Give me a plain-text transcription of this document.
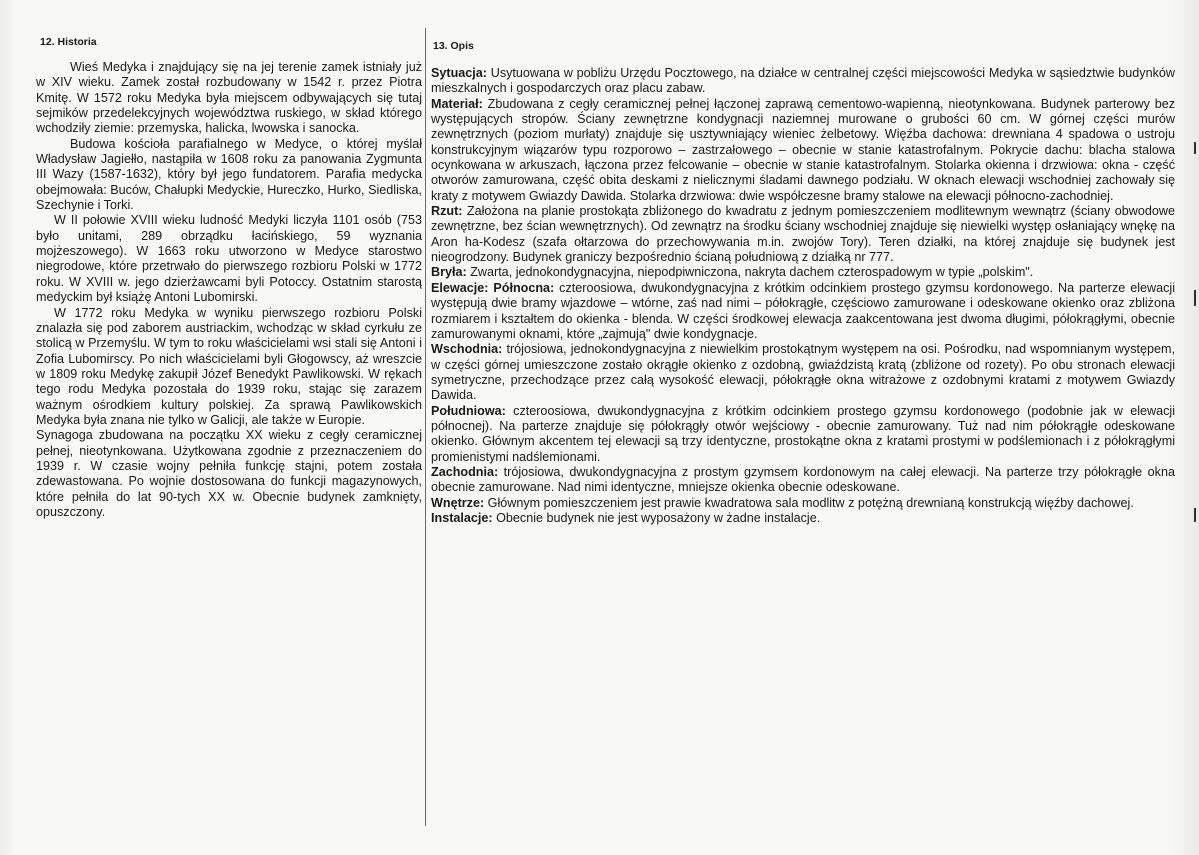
12. Historia

Wieś Medyka i znajdujący się na jej terenie zamek istniały już w XIV wieku. Zamek został rozbudowany w 1542 r. przez Piotra Kmitę. W 1572 roku Medyka była miejscem odbywających się tutaj sejmików przedelekcyjnych województwa ruskiego, w skład którego wchodziły ziemie: przemyska, halicka, lwowska i sanocka.

Budowa kościoła parafialnego w Medyce, o której myślał Władysław Jagiełło, nastąpiła w 1608 roku za panowania Zygmunta III Wazy (1587-1632), który był jego fundatorem. Parafia medycka obejmowała: Buców, Chałupki Medyckie, Hureczko, Hurko, Siedliska, Szechynie i Torki.

W II połowie XVIII wieku ludność Medyki liczyła 1101 osób (753 było unitami, 289 obrządku łacińskiego, 59 wyznania mojżeszowego). W 1663 roku utworzono w Medyce starostwo niegrodowe, które przetrwało do pierwszego rozbioru Polski w 1772 roku. W XVIII w. jego dzierżawcami byli Potoccy. Ostatnim starostą medyckim był książę Antoni Lubomirski.

W 1772 roku Medyka w wyniku pierwszego rozbioru Polski znalazła się pod zaborem austriackim, wchodząc w skład cyrkułu ze stolicą w Przemyślu. W tym to roku właścicielami wsi stali się Antoni i Zofia Lubomirscy. Po nich właścicielami byli Głogowscy, aż wreszcie w 1809 roku Medykę zakupił Józef Benedykt Pawlikowski. W rękach tego rodu Medyka pozostała do 1939 roku, stając się zarazem ważnym ośrodkiem kultury polskiej. Za sprawą Pawlikowskich Medyka była znana nie tylko w Galicji, ale także w Europie.

Synagoga zbudowana na początku XX wieku z cegły ceramicznej pełnej, nieotynkowana. Użytkowana zgodnie z przeznaczeniem do 1939 r. W czasie wojny pełniła funkcję stajni, potem została zdewastowana. Po wojnie dostosowana do funkcji magazynowych, które pełniła do lat 90-tych XX w. Obecnie budynek zamknięty, opuszczony.

13. Opis

Sytuacja: Usytuowana w pobliżu Urzędu Pocztowego, na działce w centralnej części miejscowości Medyka w sąsiedztwie budynków mieszkalnych i gospodarczych oraz placu zabaw.

Materiał: Zbudowana z cegły ceramicznej pełnej łączonej zaprawą cementowo-wapienną, nieotynkowana. Budynek parterowy bez występujących stropów. Ściany zewnętrzne kondygnacji naziemnej murowane o grubości 60 cm. W górnej części murów zewnętrznych (poziom murłaty) znajduje się usztywniający wieniec żelbetowy. Więźba dachowa: drewniana 4 spadowa o ustroju konstrukcyjnym wiązarów typu rozporowo – zastrzałowego – obecnie w stanie katastrofalnym. Pokrycie dachu: blacha stalowa ocynkowana w arkuszach, łączona przez felcowanie – obecnie w stanie katastrofalnym. Stolarka okienna i drzwiowa: okna - część otworów zamurowana, część obita deskami z nielicznymi śladami dawnego podziału. W oknach elewacji wschodniej zachowały się kraty z motywem Gwiazdy Dawida. Stolarka drzwiowa: dwie współczesne bramy stalowe na elewacji północno-zachodniej.

Rzut: Założona na planie prostokąta zbliżonego do kwadratu z jednym pomieszczeniem modlitewnym wewnątrz (ściany obwodowe zewnętrzne, bez ścian wewnętrznych). Od zewnątrz na środku ściany wschodniej znajduje się niewielki występ osłaniający wnękę na Aron ha-Kodesz (szafa ołtarzowa do przechowywania m.in. zwojów Tory). Teren działki, na której znajduje się budynek jest nieogrodzony. Budynek graniczy bezpośrednio ścianą południową z działką nr 777.

Bryła: Zwarta, jednokondygnacyjna, niepodpiwniczona, nakryta dachem czterospadowym w typie „polskim".

Elewacje: Północna: czteroosiowa, dwukondygnacyjna z krótkim odcinkiem prostego gzymsu kordonowego. Na parterze elewacji występują dwie bramy wjazdowe – wtórne, zaś nad nimi – półokrągłe, częściowo zamurowane i odeskowane okienko oraz zbliżona rozmiarem i kształtem do okienka - blenda. W części środkowej elewacja zaakcentowana jest dwoma długimi, półokrągłymi, obecnie zamurowanymi oknami, które „zajmują" dwie kondygnacje.

Wschodnia: trójosiowa, jednokondygnacyjna z niewielkim prostokątnym występem na osi. Pośrodku, nad wspomnianym występem, w części górnej umieszczone zostało okrągłe okienko z ozdobną, gwiaździstą kratą (zbliżone od rozety). Po obu stronach elewacji symetryczne, przechodzące przez całą wysokość elewacji, półokrągłe okna witrażowe z ozdobnymi kratami z motywem Gwiazdy Dawida.

Południowa: czteroosiowa, dwukondygnacyjna z krótkim odcinkiem prostego gzymsu kordonowego (podobnie jak w elewacji północnej). Na parterze znajduje się półokrągły otwór wejściowy - obecnie zamurowany. Tuż nad nim półokrągłe odeskowane okienko. Głównym akcentem tej elewacji są trzy identyczne, prostokątne okna z kratami prostymi w podślemionach i z półokrągłymi promienistymi nadślemionami.

Zachodnia: trójosiowa, dwukondygnacyjna z prostym gzymsem kordonowym na całej elewacji. Na parterze trzy półokrągłe okna obecnie zamurowane. Nad nimi identyczne, mniejsze okienka obecnie odeskowane.

Wnętrze: Głównym pomieszczeniem jest prawie kwadratowa sala modlitw z potężną drewnianą konstrukcją więźby dachowej.

Instalacje: Obecnie budynek nie jest wyposażony w żadne instalacje.
